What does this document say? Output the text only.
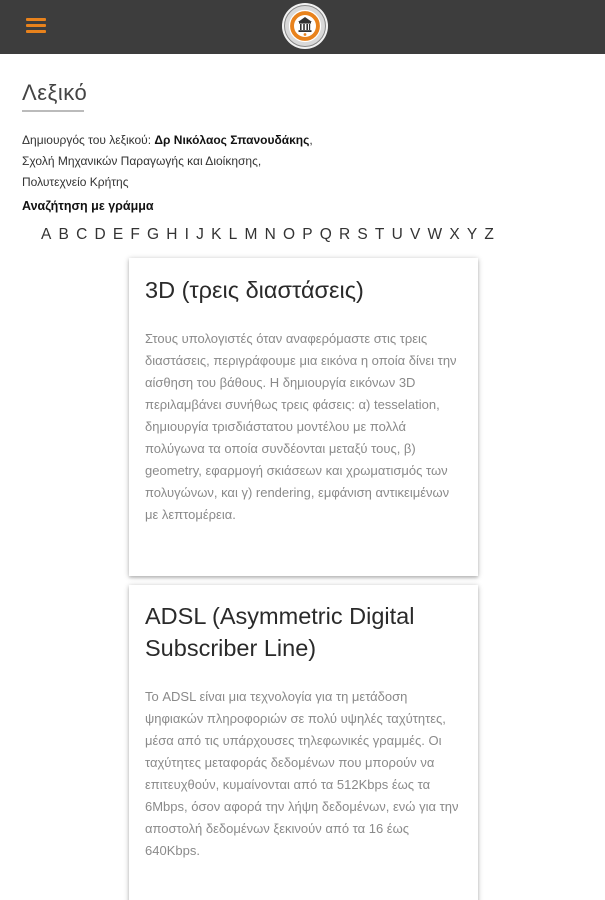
Λεξικό
Δημιουργός του λεξικού: Δρ Νικόλαος Σπανουδάκης,
Σχολή Μηχανικών Παραγωγής και Διοίκησης,
Πολυτεχνείο Κρήτης
Αναζήτηση με γράμμα
A B C D E F G H I J K L M N O P Q R S T U V W X Y Z
3D (τρεις διαστάσεις)

Στους υπολογιστές όταν αναφερόμαστε στις τρεις διαστάσεις, περιγράφουμε μια εικόνα η οποία δίνει την αίσθηση του βάθους. Η δημιουργία εικόνων 3D περιλαμβάνει συνήθως τρεις φάσεις: α) tesselation, δημιουργία τρισδιάστατου μοντέλου με πολλά πολύγωνα τα οποία συνδέονται μεταξύ τους, β) geometry, εφαρμογή σκιάσεων και χρωματισμός των πολυγώνων, και γ) rendering, εμφάνιση αντικειμένων με λεπτομέρεια.

ADSL (Asymmetric Digital Subscriber Line)

Το ADSL είναι μια τεχνολογία για τη μετάδοση ψηφιακών πληροφοριών σε πολύ υψηλές ταχύτητες, μέσα από τις υπάρχουσες τηλεφωνικές γραμμές. Οι ταχύτητες μεταφοράς δεδομένων που μπορούν να επιτευχθούν, κυμαίνονται από τα 512Kbps έως τα 6Mbps, όσον αφορά την λήψη δεδομένων, ενώ για την αποστολή δεδομένων ξεκινούν από τα 16 έως 640Kbps.
